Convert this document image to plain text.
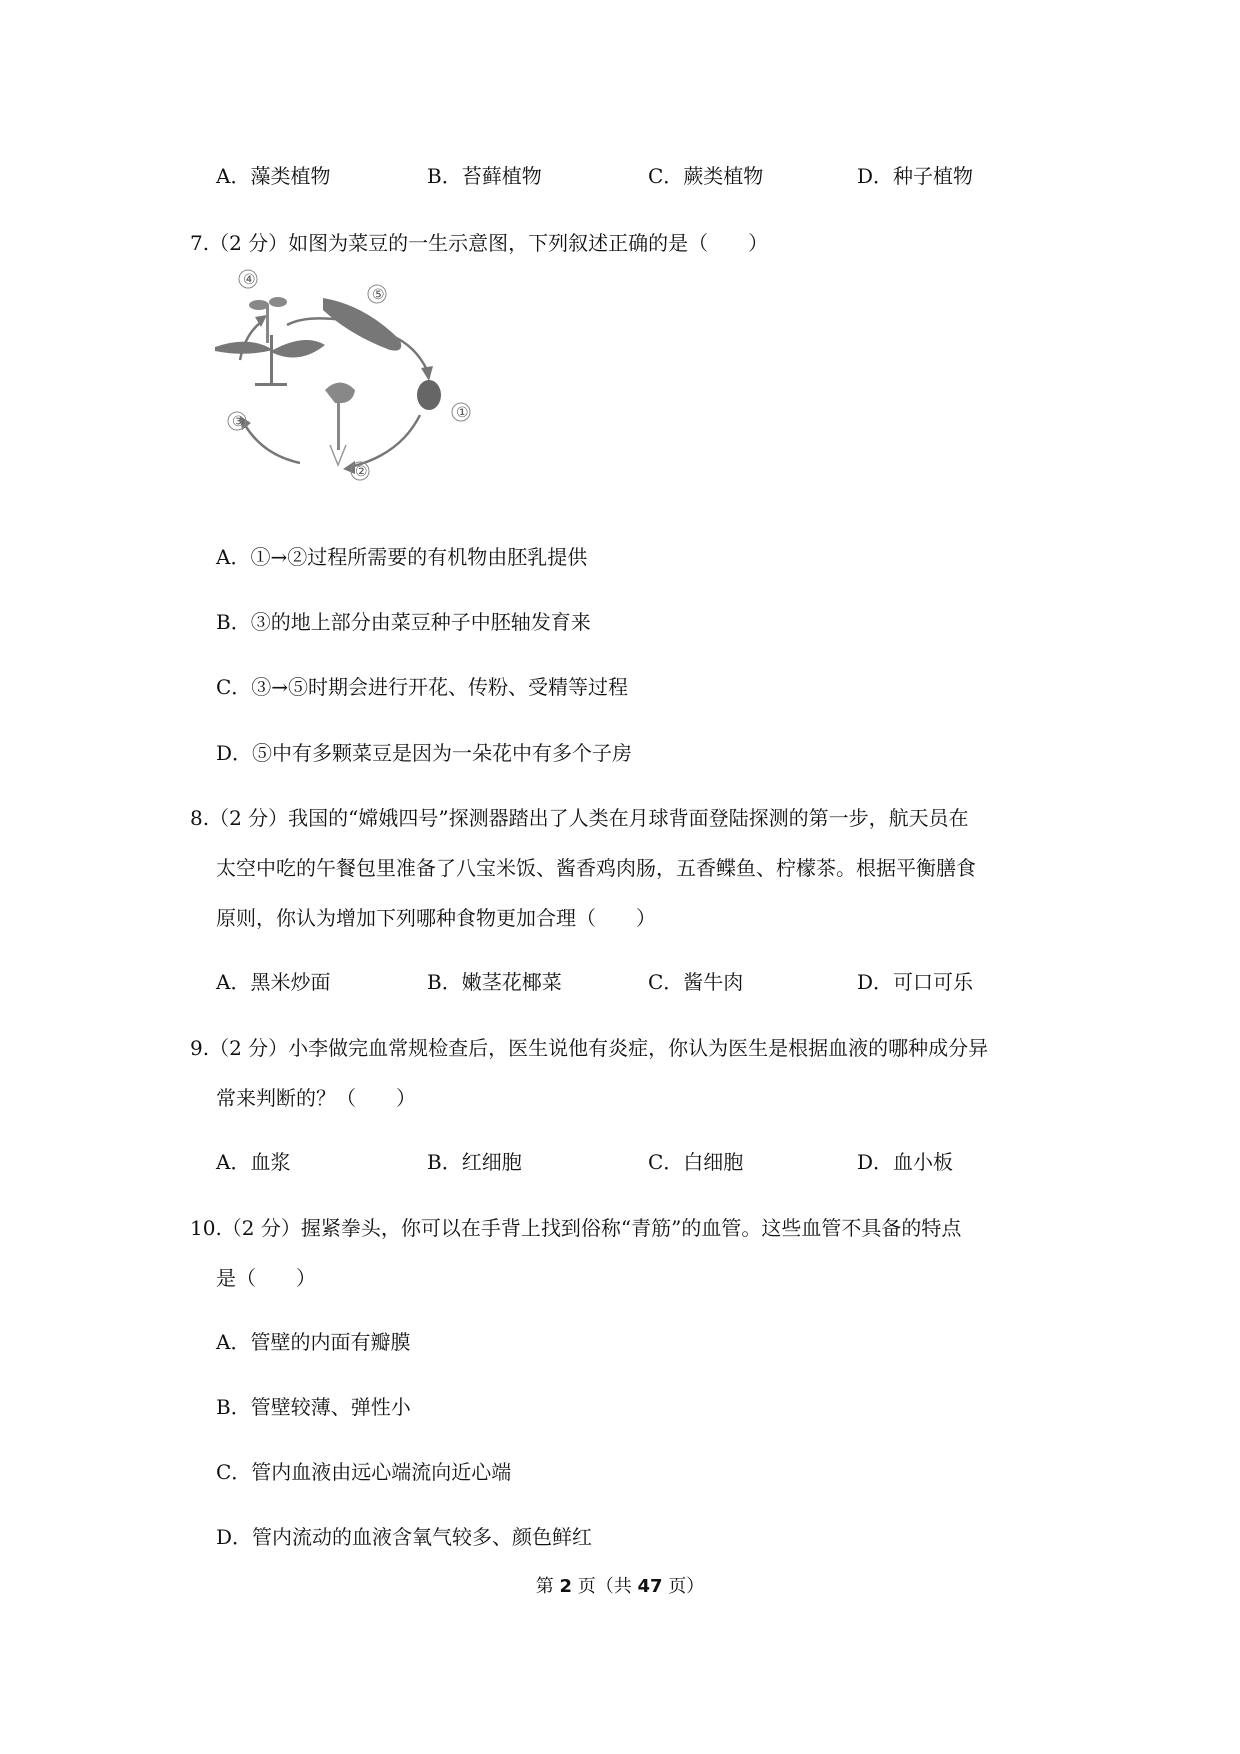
A．藻类植物	B．苔藓植物	C．蕨类植物	D．种子植物
7.（2 分）如图为菜豆的一生示意图，下列叙述正确的是（　　）
④
⑤
①
②
③
A．①→②过程所需要的有机物由胚乳提供
B．③的地上部分由菜豆种子中胚轴发育来
C．③→⑤时期会进行开花、传粉、受精等过程
D．⑤中有多颗菜豆是因为一朵花中有多个子房
8.（2 分）我国的“嫦娥四号”探测器踏出了人类在月球背面登陆探测的第一步，航天员在
太空中吃的午餐包里准备了八宝米饭、酱香鸡肉肠，五香鲽鱼、柠檬茶。根据平衡膳食
原则，你认为增加下列哪种食物更加合理（　　）
A．黑米炒面	B．嫩茎花椰菜	C．酱牛肉	D．可口可乐
9.（2 分）小李做完血常规检查后，医生说他有炎症，你认为医生是根据血液的哪种成分异
常来判断的？（　　）
A．血浆	B．红细胞	C．白细胞	D．血小板
10.（2 分）握紧拳头，你可以在手背上找到俗称“青筋”的血管。这些血管不具备的特点
是（　　）
A．管壁的内面有瓣膜
B．管壁较薄、弹性小
C．管内血液由远心端流向近心端
D．管内流动的血液含氧气较多、颜色鲜红
第 2 页（共 47 页）
